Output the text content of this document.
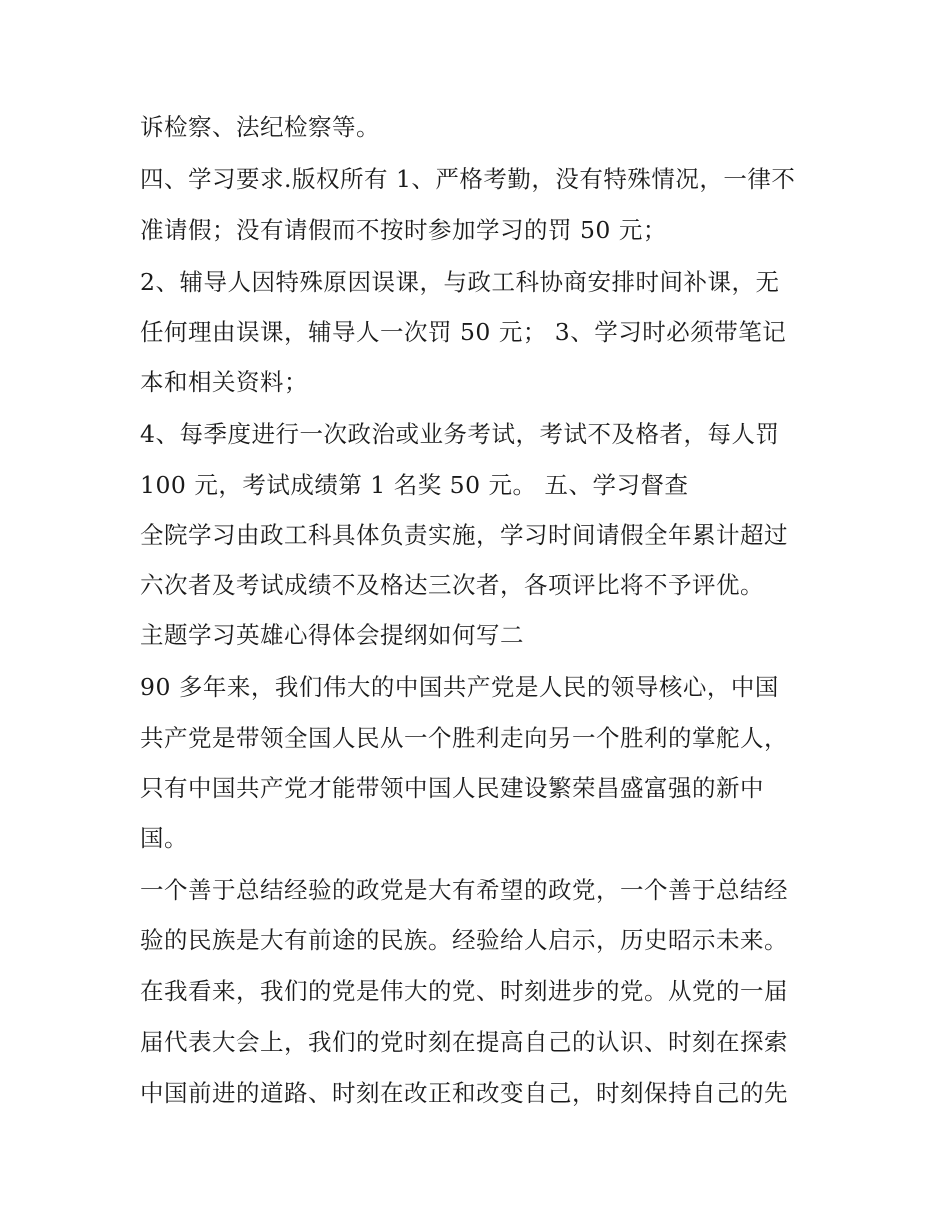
诉检察、法纪检察等。
四、学习要求.版权所有 1、严格考勤，没有特殊情况，一律不
准请假；没有请假而不按时参加学习的罚 50 元；
2、辅导人因特殊原因误课，与政工科协商安排时间补课，无
任何理由误课，辅导人一次罚 50 元； 3、学习时必须带笔记
本和相关资料；
4、每季度进行一次政治或业务考试，考试不及格者，每人罚
100 元，考试成绩第 1 名奖 50 元。 五、学习督查
全院学习由政工科具体负责实施，学习时间请假全年累计超过
六次者及考试成绩不及格达三次者，各项评比将不予评优。
主题学习英雄心得体会提纲如何写二
90 多年来，我们伟大的中国共产党是人民的领导核心，中国
共产党是带领全国人民从一个胜利走向另一个胜利的掌舵人，
只有中国共产党才能带领中国人民建设繁荣昌盛富强的新中
国。
一个善于总结经验的政党是大有希望的政党，一个善于总结经
验的民族是大有前途的民族。经验给人启示，历史昭示未来。
在我看来，我们的党是伟大的党、时刻进步的党。从党的一届
届代表大会上，我们的党时刻在提高自己的认识、时刻在探索
中国前进的道路、时刻在改正和改变自己，时刻保持自己的先
